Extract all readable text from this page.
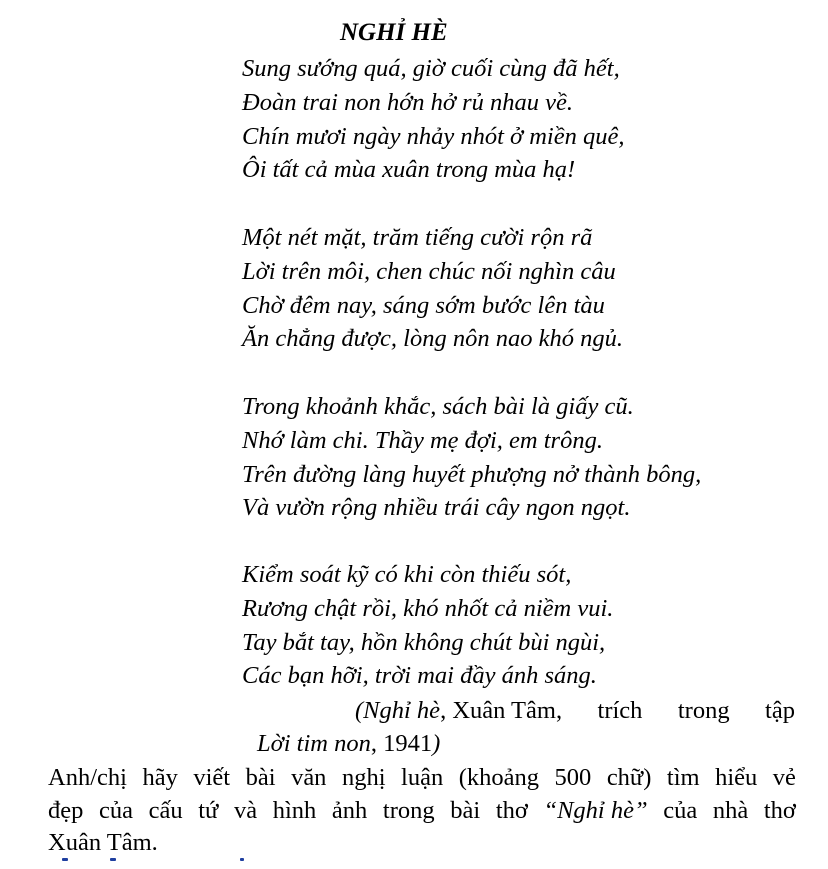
NGHỈ HÈ
Sung sướng quá, giờ cuối cùng đã hết,
Đoàn trai non hớn hở rủ nhau về.
Chín mươi ngày nhảy nhót ở miền quê,
Ôi tất cả mùa xuân trong mùa hạ!
Một nét mặt, trăm tiếng cười rộn rã
Lời trên môi, chen chúc nối nghìn câu
Chờ đêm nay, sáng sớm bước lên tàu
Ăn chẳng được, lòng nôn nao khó ngủ.
Trong khoảnh khắc, sách bài là giấy cũ.
Nhớ làm chi. Thầy mẹ đợi, em trông.
Trên đường làng huyết phượng nở thành bông,
Và vườn rộng nhiều trái cây ngon ngọt.
Kiểm soát kỹ có khi còn thiếu sót,
Rương chật rồi, khó nhốt cả niềm vui.
Tay bắt tay, hồn không chút bùi ngùi,
Các bạn hỡi, trời mai đầy ánh sáng.
(Nghỉ hè, Xuân Tâm, trích trong tập
Lời tim non, 1941)
Anh/chị hãy viết bài văn nghị luận (khoảng 500 chữ) tìm hiểu vẻ
đẹp của cấu tứ và hình ảnh trong bài thơ “Nghỉ hè” của nhà thơ
Xuân Tâm.
